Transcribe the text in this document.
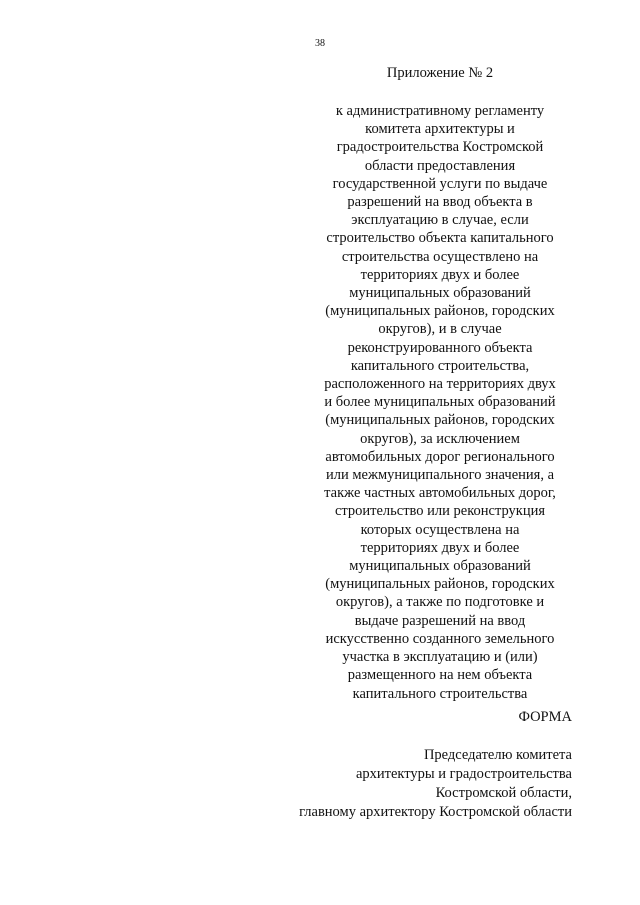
38
Приложение № 2
к административному регламенту
комитета архитектуры и
градостроительства Костромской
области предоставления
государственной услуги по выдаче
разрешений на ввод объекта в
эксплуатацию в случае, если
строительство объекта капитального
строительства осуществлено на
территориях двух и более
муниципальных образований
(муниципальных районов, городских
округов), и в случае
реконструированного объекта
капитального строительства,
расположенного на территориях двух
и более муниципальных образований
(муниципальных районов, городских
округов), за исключением
автомобильных дорог регионального
или межмуниципального значения, а
также частных автомобильных дорог,
строительство или реконструкция
которых осуществлена на
территориях двух и более
муниципальных образований
(муниципальных районов, городских
округов), а также по подготовке и
выдаче разрешений на ввод
искусственно созданного земельного
участка в эксплуатацию и (или)
размещенного на нем объекта
капитального строительства
ФОРМА
Председателю комитета
архитектуры и градостроительства
Костромской области,
главному архитектору Костромской области
